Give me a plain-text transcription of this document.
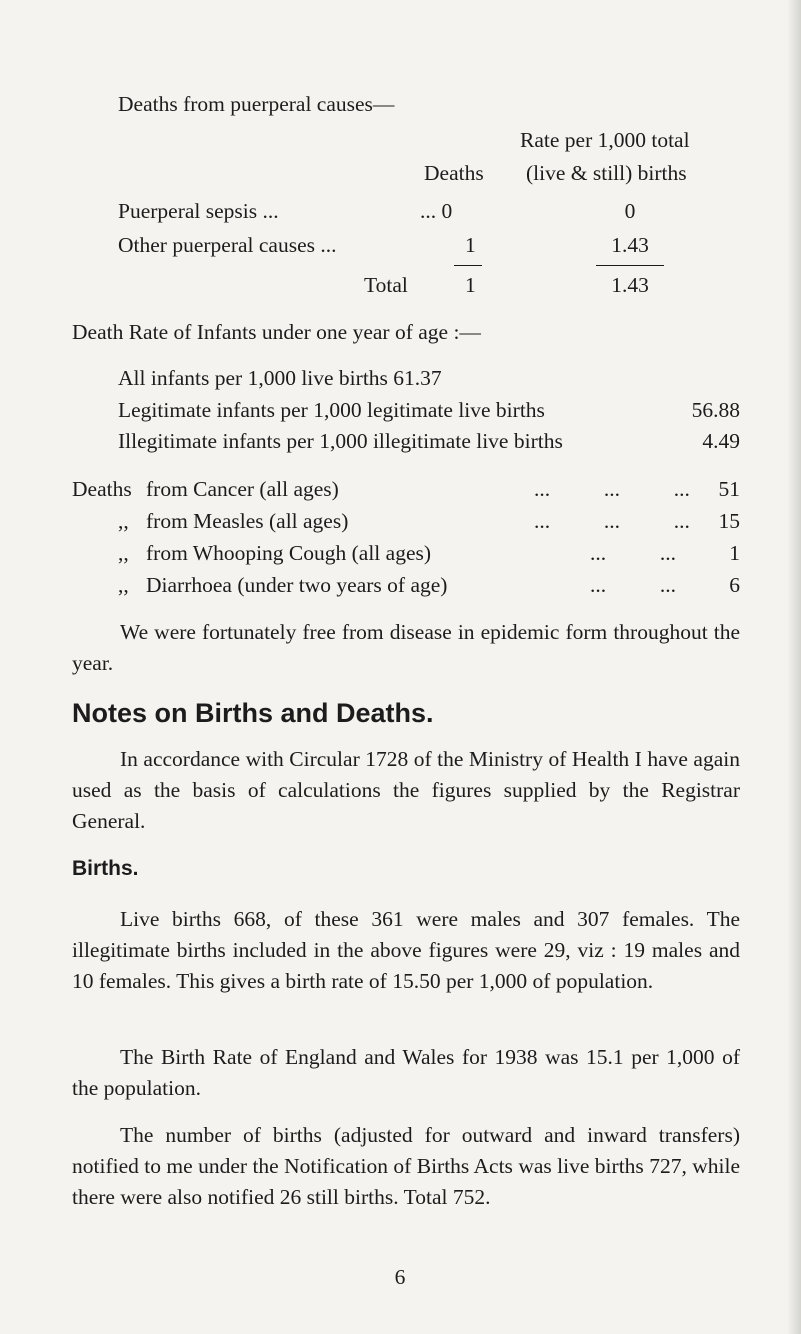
Deaths from puerperal causes—
Rate per 1,000 total
Deaths (live & still) births
Puerperal sepsis ...	... 0	0
Other puerperal causes ...	1	1.43
Total	1	1.43
Death Rate of Infants under one year of age :—
All infants per 1,000 live births 61.37
Legitimate infants per 1,000 legitimate live births	56.88
Illegitimate infants per 1,000 illegitimate live births	4.49
Deaths from Cancer (all ages)	...          ...          ...	51
,, from Measles (all ages)	...          ...          ...	15
,, from Whooping Cough (all ages)	...          ...	1
,, Diarrhoea (under two years of age)	...          ...	6
We were fortunately free from disease in epidemic form throughout the year.
Notes on Births and Deaths.
In accordance with Circular 1728 of the Ministry of Health I have again used as the basis of calculations the figures supplied by the Registrar General.
Births.
Live births 668, of these 361 were males and 307 females. The illegitimate births included in the above figures were 29, viz : 19 males and 10 females. This gives a birth rate of 15.50 per 1,000 of population.
The Birth Rate of England and Wales for 1938 was 15.1 per 1,000 of the population.
The number of births (adjusted for outward and inward transfers) notified to me under the Notification of Births Acts was live births 727, while there were also notified 26 still births. Total 752.
6
